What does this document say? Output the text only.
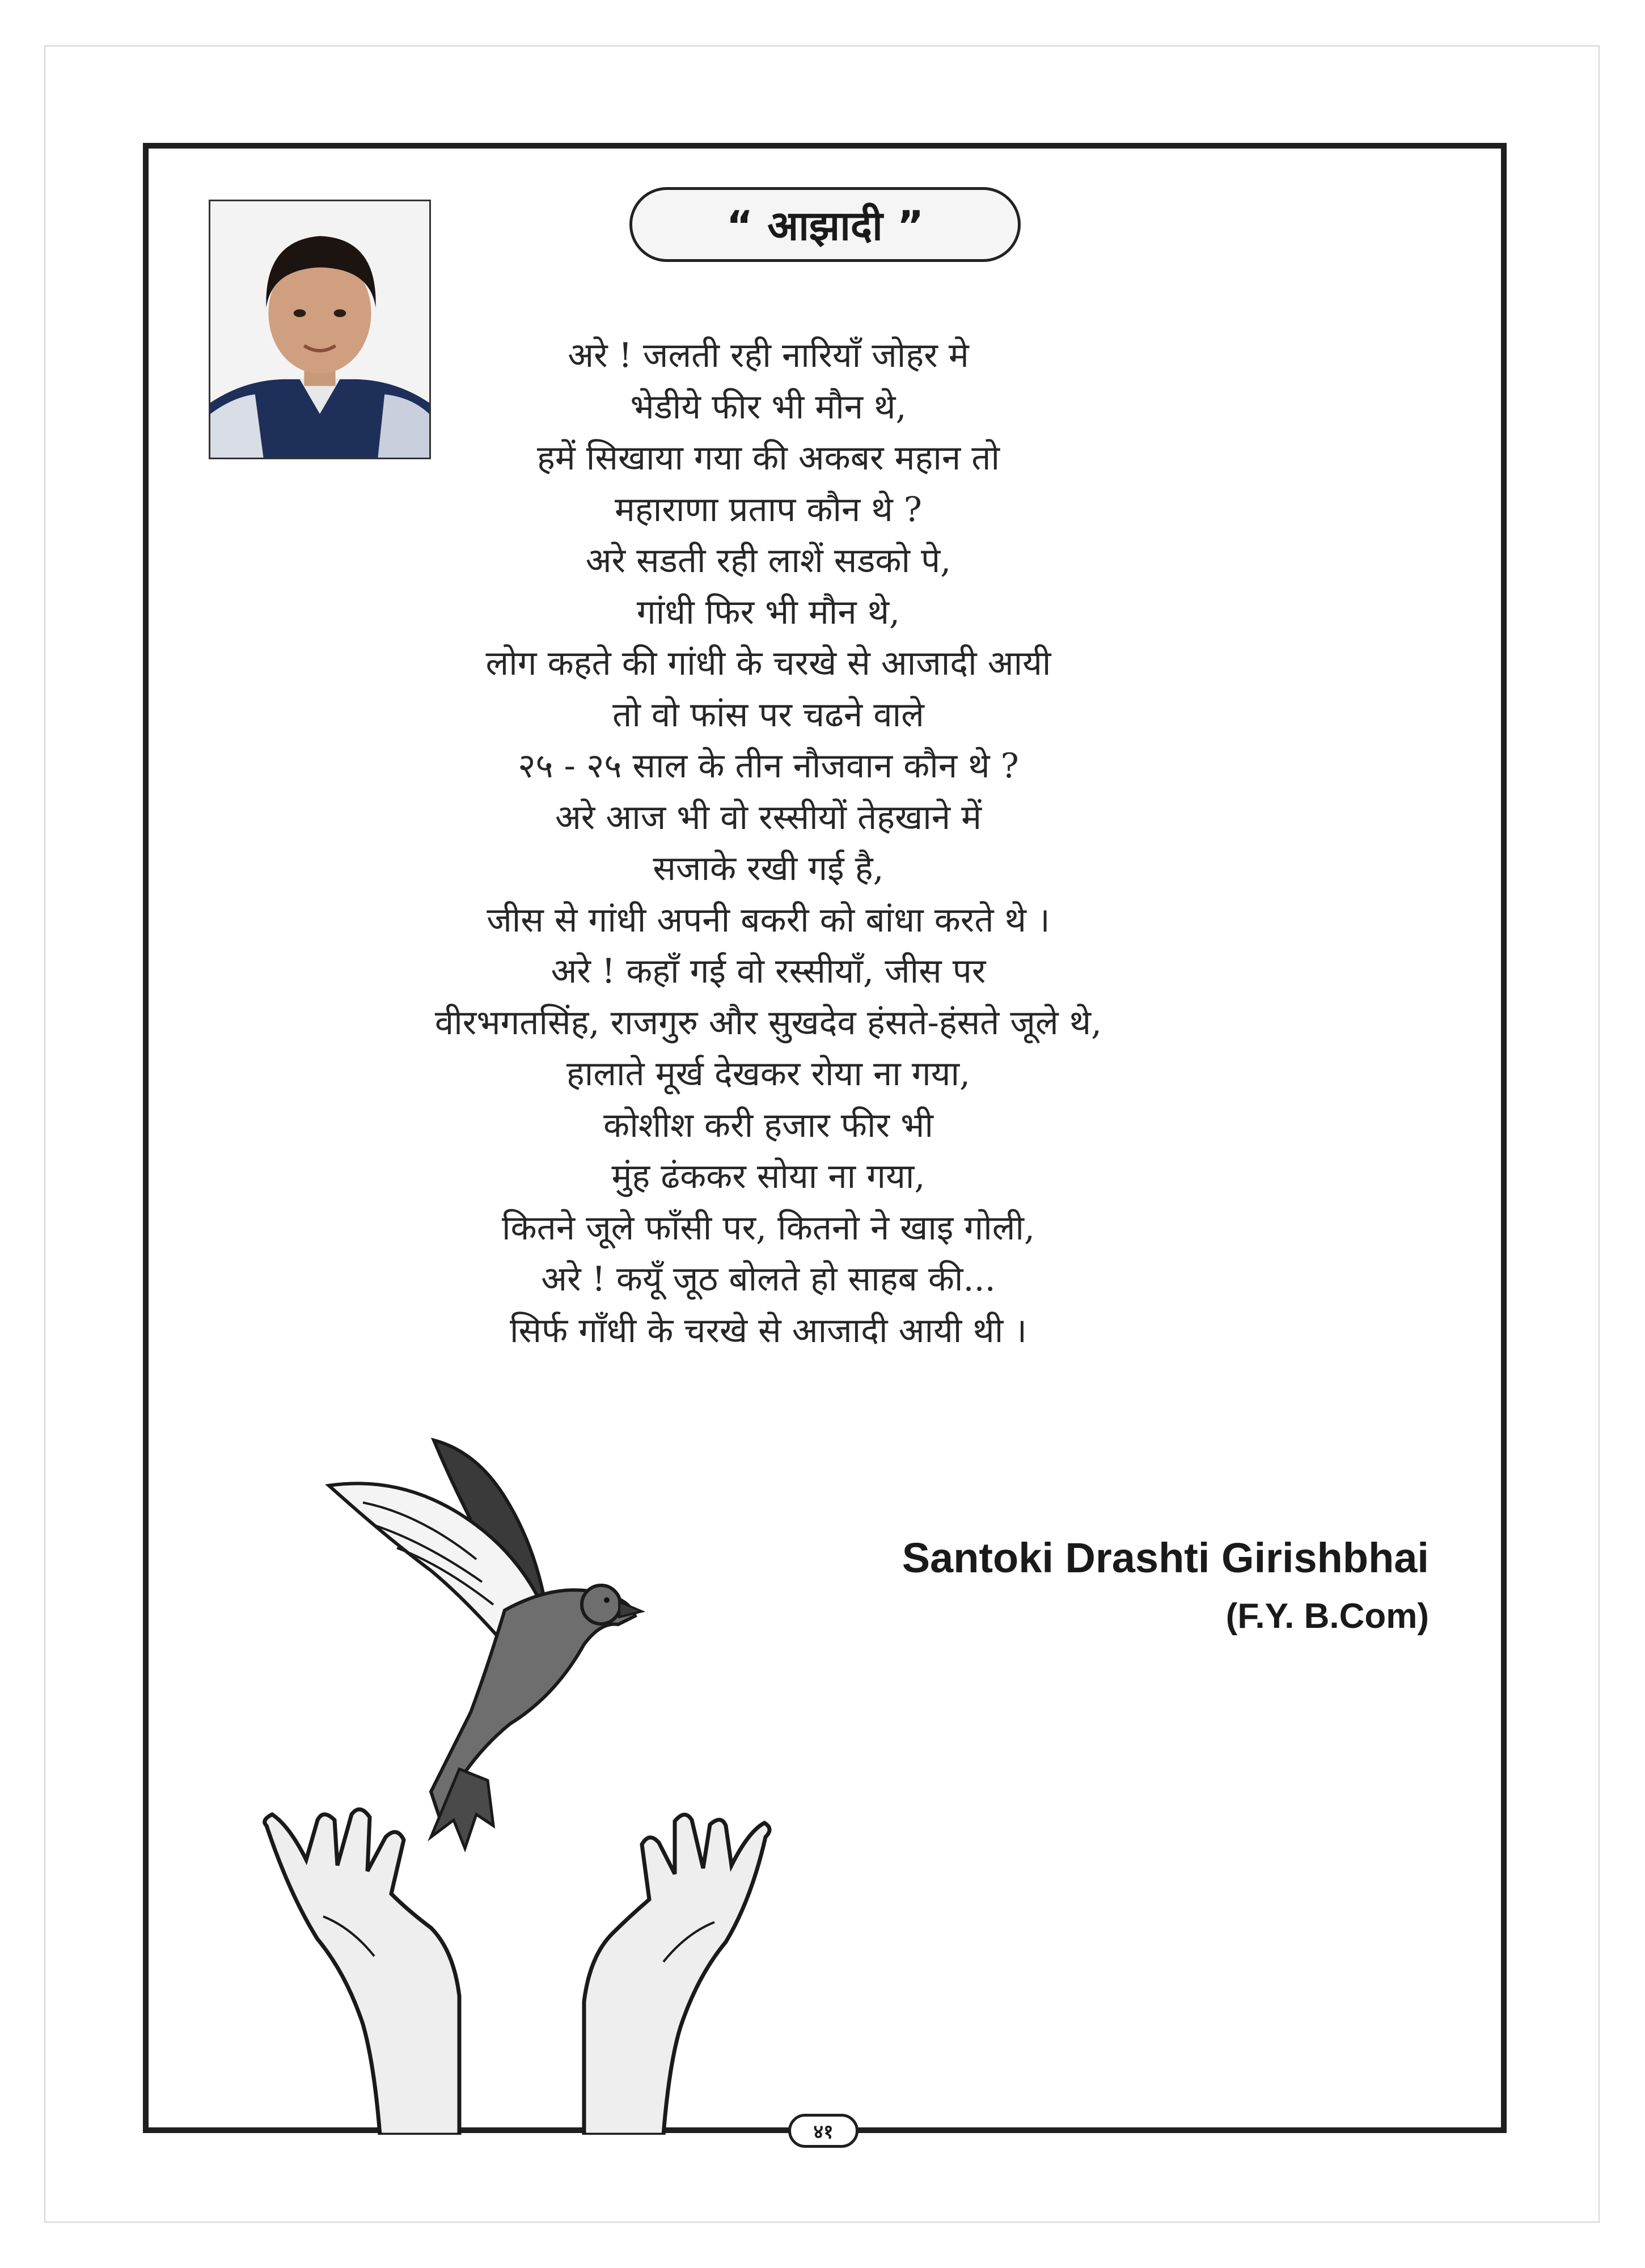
“ आझादी ”
अरे ! जलती रही नारियाँ जोहर मे
भेडीये फीर भी मौन थे,
हमें सिखाया गया की अकबर महान तो
महाराणा प्रताप कौन थे ?
अरे सडती रही लाशें सडको पे,
गांधी फिर भी मौन थे,
लोग कहते की गांधी के चरखे से आजादी आयी
तो वो फांस पर चढने वाले
२५ - २५ साल के तीन नौजवान कौन थे ?
अरे आज भी वो रस्सीयों तेहखाने में
सजाके रखी गई है,
जीस से गांधी अपनी बकरी को बांधा करते थे ।
अरे ! कहाँ गई वो रस्सीयाँ, जीस पर
वीरभगतसिंह, राजगुरु और सुखदेव हंसते-हंसते जूले थे,
हालाते मूर्ख देखकर रोया ना गया,
कोशीश करी हजार फीर भी
मुंह ढंककर सोया ना गया,
कितने जूले फाँसी पर, कितनो ने खाइ गोली,
अरे ! कयूँ जूठ बोलते हो साहब की...
सिर्फ गाँधी के चरखे से आजादी आयी थी ।
Santoki Drashti Girishbhai
(F.Y. B.Com)
४१
